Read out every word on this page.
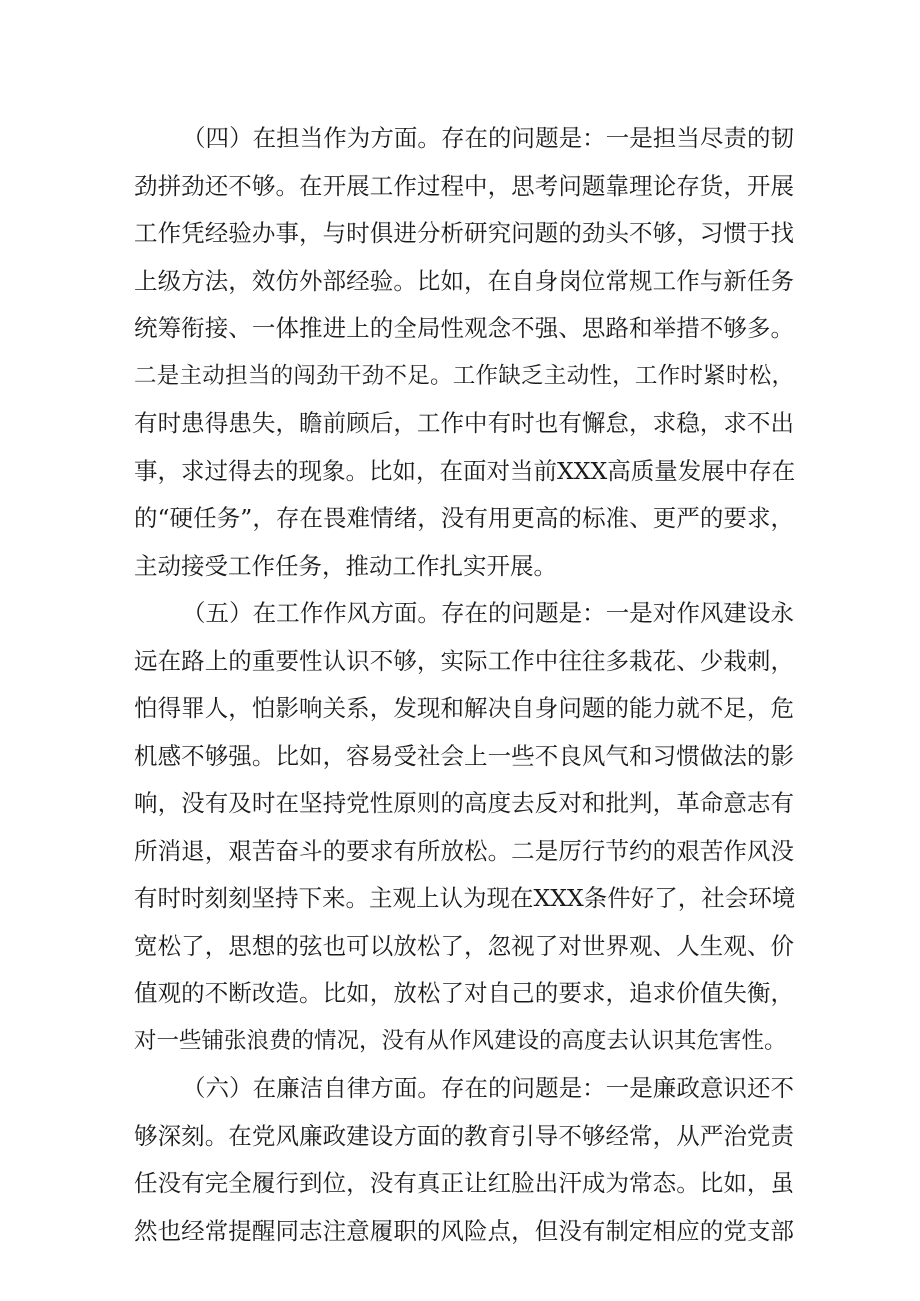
（四）在担当作为方面。存在的问题是：一是担当尽责的韧
劲拼劲还不够。在开展工作过程中，思考问题靠理论存货，开展
工作凭经验办事，与时俱进分析研究问题的劲头不够，习惯于找
上级方法，效仿外部经验。比如，在自身岗位常规工作与新任务
统筹衔接、一体推进上的全局性观念不强、思路和举措不够多。
二是主动担当的闯劲干劲不足。工作缺乏主动性，工作时紧时松，
有时患得患失，瞻前顾后，工作中有时也有懈怠，求稳，求不出
事，求过得去的现象。比如，在面对当前XXX高质量发展中存在
的“硬任务”，存在畏难情绪，没有用更高的标准、更严的要求，
主动接受工作任务，推动工作扎实开展。
（五）在工作作风方面。存在的问题是：一是对作风建设永
远在路上的重要性认识不够，实际工作中往往多栽花、少栽刺，
怕得罪人，怕影响关系，发现和解决自身问题的能力就不足，危
机感不够强。比如，容易受社会上一些不良风气和习惯做法的影
响，没有及时在坚持党性原则的高度去反对和批判，革命意志有
所消退，艰苦奋斗的要求有所放松。二是厉行节约的艰苦作风没
有时时刻刻坚持下来。主观上认为现在XXX条件好了，社会环境
宽松了，思想的弦也可以放松了，忽视了对世界观、人生观、价
值观的不断改造。比如，放松了对自己的要求，追求价值失衡，
对一些铺张浪费的情况，没有从作风建设的高度去认识其危害性。
（六）在廉洁自律方面。存在的问题是：一是廉政意识还不
够深刻。在党风廉政建设方面的教育引导不够经常，从严治党责
任没有完全履行到位，没有真正让红脸出汗成为常态。比如，虽
然也经常提醒同志注意履职的风险点，但没有制定相应的党支部
